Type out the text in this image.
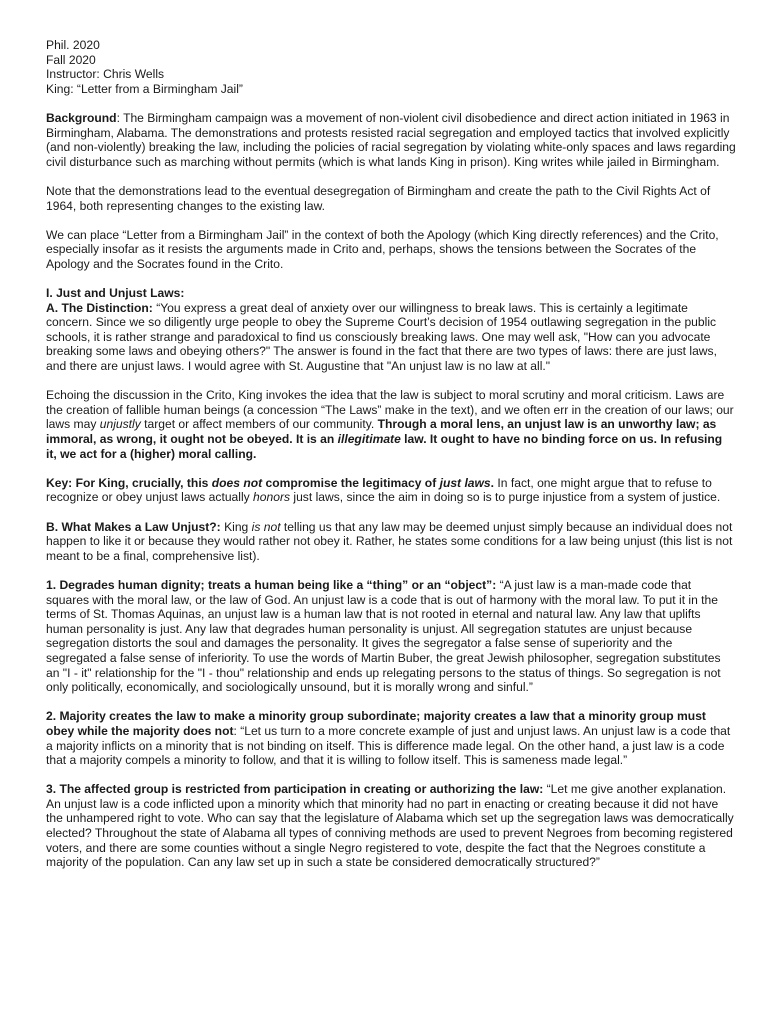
Phil. 2020
Fall 2020
Instructor: Chris Wells
King: “Letter from a Birmingham Jail”

Background: The Birmingham campaign was a movement of non-violent civil disobedience and direct action initiated in 1963 in Birmingham, Alabama. The demonstrations and protests resisted racial segregation and employed tactics that involved explicitly (and non-violently) breaking the law, including the policies of racial segregation by violating white-only spaces and laws regarding civil disturbance such as marching without permits (which is what lands King in prison). King writes while jailed in Birmingham.

Note that the demonstrations lead to the eventual desegregation of Birmingham and create the path to the Civil Rights Act of 1964, both representing changes to the existing law.

We can place “Letter from a Birmingham Jail” in the context of both the Apology (which King directly references) and the Crito, especially insofar as it resists the arguments made in Crito and, perhaps, shows the tensions between the Socrates of the Apology and the Socrates found in the Crito.

I. Just and Unjust Laws:
A. The Distinction: “You express a great deal of anxiety over our willingness to break laws. This is certainly a legitimate concern. Since we so diligently urge people to obey the Supreme Court’s decision of 1954 outlawing segregation in the public schools, it is rather strange and paradoxical to find us consciously breaking laws. One may well ask, "How can you advocate breaking some laws and obeying others?" The answer is found in the fact that there are two types of laws: there are just laws, and there are unjust laws. I would agree with St. Augustine that "An unjust law is no law at all."

Echoing the discussion in the Crito, King invokes the idea that the law is subject to moral scrutiny and moral criticism. Laws are the creation of fallible human beings (a concession “The Laws” make in the text), and we often err in the creation of our laws; our laws may unjustly target or affect members of our community. Through a moral lens, an unjust law is an unworthy law; as immoral, as wrong, it ought not be obeyed. It is an illegitimate law. It ought to have no binding force on us. In refusing it, we act for a (higher) moral calling.

Key: For King, crucially, this does not compromise the legitimacy of just laws. In fact, one might argue that to refuse to recognize or obey unjust laws actually honors just laws, since the aim in doing so is to purge injustice from a system of justice.

B. What Makes a Law Unjust?: King is not telling us that any law may be deemed unjust simply because an individual does not happen to like it or because they would rather not obey it. Rather, he states some conditions for a law being unjust (this list is not meant to be a final, comprehensive list).

1. Degrades human dignity; treats a human being like a “thing” or an “object”: “A just law is a man-made code that squares with the moral law, or the law of God. An unjust law is a code that is out of harmony with the moral law. To put it in the terms of St. Thomas Aquinas, an unjust law is a human law that is not rooted in eternal and natural law. Any law that uplifts human personality is just. Any law that degrades human personality is unjust. All segregation statutes are unjust because segregation distorts the soul and damages the personality. It gives the segregator a false sense of superiority and the segregated a false sense of inferiority. To use the words of Martin Buber, the great Jewish philosopher, segregation substitutes an "I - it" relationship for the "I - thou" relationship and ends up relegating persons to the status of things. So segregation is not only politically, economically, and sociologically unsound, but it is morally wrong and sinful.”

2. Majority creates the law to make a minority group subordinate; majority creates a law that a minority group must obey while the majority does not: “Let us turn to a more concrete example of just and unjust laws. An unjust law is a code that a majority inflicts on a minority that is not binding on itself. This is difference made legal. On the other hand, a just law is a code that a majority compels a minority to follow, and that it is willing to follow itself. This is sameness made legal.”

3. The affected group is restricted from participation in creating or authorizing the law: “Let me give another explanation. An unjust law is a code inflicted upon a minority which that minority had no part in enacting or creating because it did not have the unhampered right to vote. Who can say that the legislature of Alabama which set up the segregation laws was democratically elected? Throughout the state of Alabama all types of conniving methods are used to prevent Negroes from becoming registered voters, and there are some counties without a single Negro registered to vote, despite the fact that the Negroes constitute a majority of the population. Can any law set up in such a state be considered democratically structured?”
